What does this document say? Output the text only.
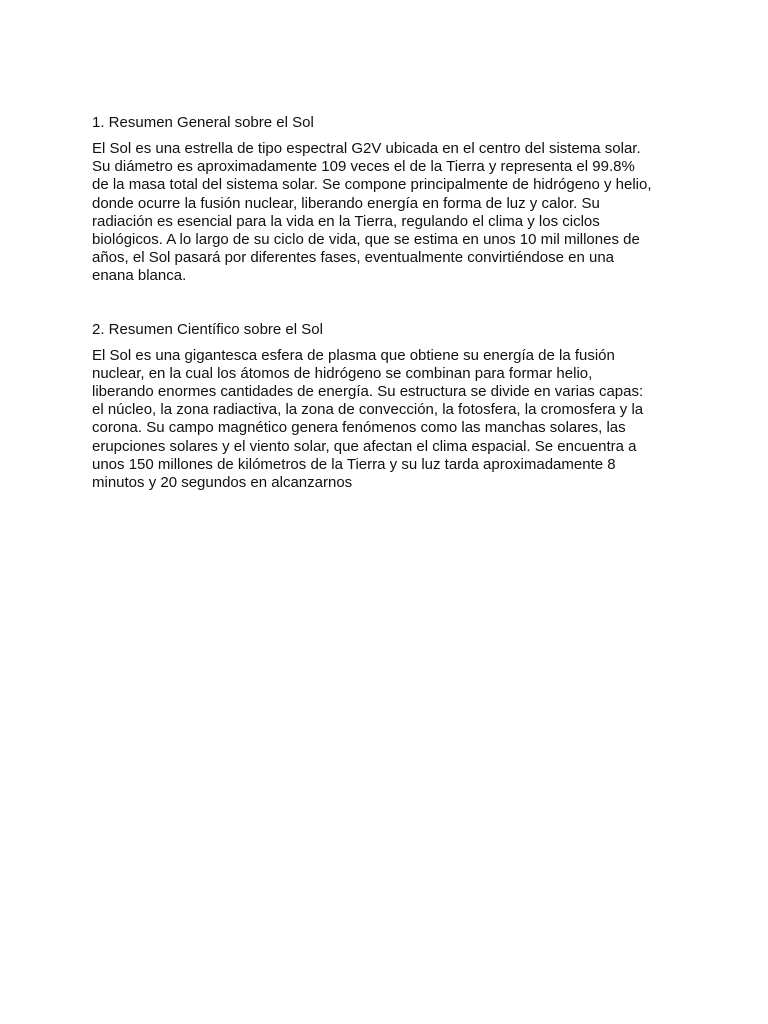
1. Resumen General sobre el Sol
El Sol es una estrella de tipo espectral G2V ubicada en el centro del sistema solar.
Su diámetro es aproximadamente 109 veces el de la Tierra y representa el 99.8%
de la masa total del sistema solar. Se compone principalmente de hidrógeno y helio,
donde ocurre la fusión nuclear, liberando energía en forma de luz y calor. Su
radiación es esencial para la vida en la Tierra, regulando el clima y los ciclos
biológicos. A lo largo de su ciclo de vida, que se estima en unos 10 mil millones de
años, el Sol pasará por diferentes fases, eventualmente convirtiéndose en una
enana blanca.
2. Resumen Científico sobre el Sol
El Sol es una gigantesca esfera de plasma que obtiene su energía de la fusión
nuclear, en la cual los átomos de hidrógeno se combinan para formar helio,
liberando enormes cantidades de energía. Su estructura se divide en varias capas:
el núcleo, la zona radiactiva, la zona de convección, la fotosfera, la cromosfera y la
corona. Su campo magnético genera fenómenos como las manchas solares, las
erupciones solares y el viento solar, que afectan el clima espacial. Se encuentra a
unos 150 millones de kilómetros de la Tierra y su luz tarda aproximadamente 8
minutos y 20 segundos en alcanzarnos
